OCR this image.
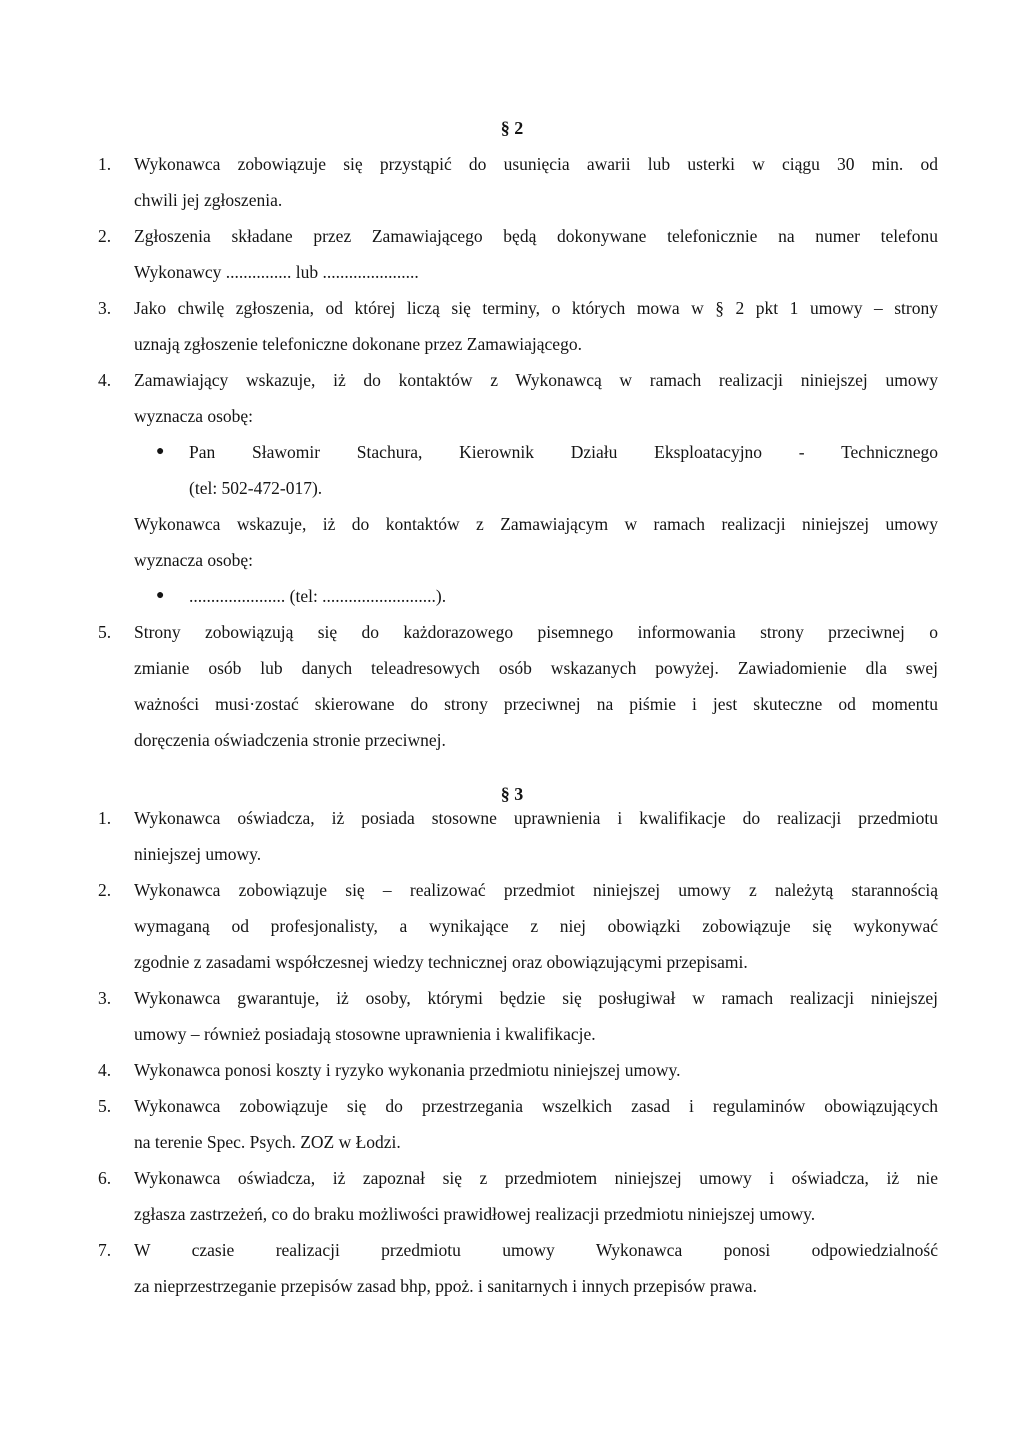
§ 2
1.	Wykonawca zobowiązuje się przystąpić do usunięcia awarii lub usterki w ciągu 30 min. od
chwili jej zgłoszenia.
2.	Zgłoszenia składane przez Zamawiającego będą dokonywane telefonicznie na numer telefonu
Wykonawcy ............... lub ......................
3.	Jako chwilę zgłoszenia, od której liczą się terminy, o których mowa w § 2 pkt 1 umowy – strony
uznają zgłoszenie telefoniczne dokonane przez Zamawiającego.
4.	Zamawiający wskazuje, iż do kontaktów z Wykonawcą w ramach realizacji niniejszej umowy
wyznacza osobę:
● Pan Sławomir Stachura, Kierownik Działu Eksploatacyjno - Technicznego
(tel: 502-472-017).
Wykonawca wskazuje, iż do kontaktów z Zamawiającym w ramach realizacji niniejszej umowy
wyznacza osobę:
● ...................... (tel: ..........................).
5.	Strony zobowiązują się do każdorazowego pisemnego informowania strony przeciwnej o
zmianie osób lub danych teleadresowych osób wskazanych powyżej. Zawiadomienie dla swej
ważności musi·zostać skierowane do strony przeciwnej na piśmie i jest skuteczne od momentu
doręczenia oświadczenia stronie przeciwnej.
§ 3
1.	Wykonawca oświadcza, iż posiada stosowne uprawnienia i kwalifikacje do realizacji przedmiotu
niniejszej umowy.
2.	Wykonawca zobowiązuje się – realizować przedmiot niniejszej umowy z należytą starannością
wymaganą od profesjonalisty, a wynikające z niej obowiązki zobowiązuje się wykonywać
zgodnie z zasadami współczesnej wiedzy technicznej oraz obowiązującymi przepisami.
3.	Wykonawca gwarantuje, iż osoby, którymi będzie się posługiwał w ramach realizacji niniejszej
umowy – również posiadają stosowne uprawnienia i kwalifikacje.
4.	Wykonawca ponosi koszty i ryzyko wykonania przedmiotu niniejszej umowy.
5.	Wykonawca zobowiązuje się do przestrzegania wszelkich zasad i regulaminów obowiązujących
na terenie Spec. Psych. ZOZ w Łodzi.
6.	Wykonawca oświadcza, iż zapoznał się z przedmiotem niniejszej umowy i oświadcza, iż nie
zgłasza zastrzeżeń, co do braku możliwości prawidłowej realizacji przedmiotu niniejszej umowy.
7.	W czasie realizacji przedmiotu umowy Wykonawca ponosi odpowiedzialność
za nieprzestrzeganie przepisów zasad bhp, ppoż. i sanitarnych i innych przepisów prawa.
